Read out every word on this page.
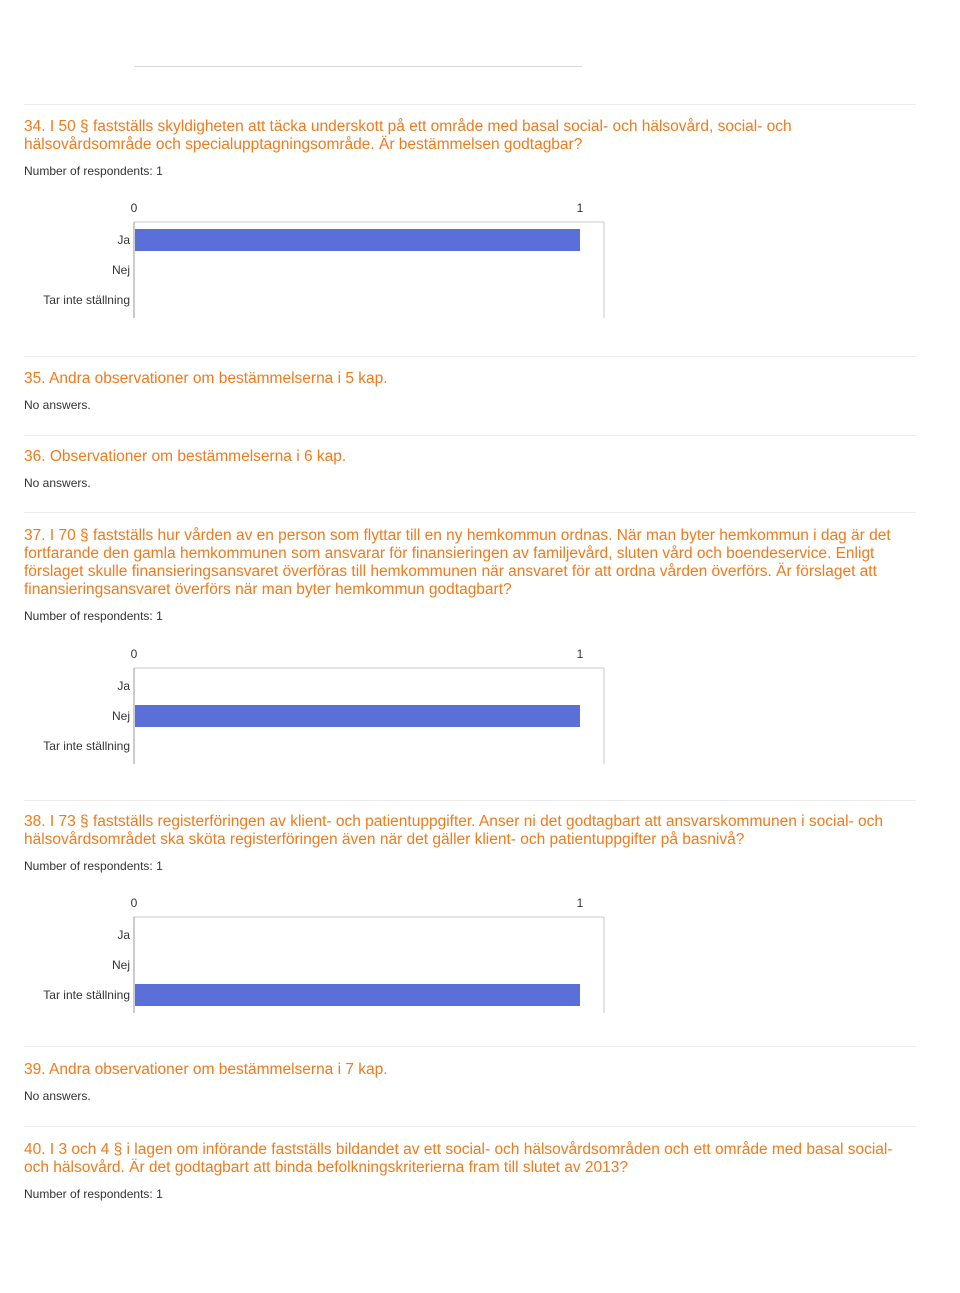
34. I 50 § fastställs skyldigheten att täcka underskott på ett område med basal social- och hälsovård, social- och hälsovårdsområde och specialupptagningsområde. Är bestämmelsen godtagbar?

Number of respondents: 1
0	1
Ja
Nej
Tar inte ställning

35. Andra observationer om bestämmelserna i 5 kap.

No answers.

36. Observationer om bestämmelserna i 6 kap.

No answers.

37. I 70 § fastställs hur vården av en person som flyttar till en ny hemkommun ordnas. När man byter hemkommun i dag är det fortfarande den gamla hemkommunen som ansvarar för finansieringen av familjevård, sluten vård och boendeservice. Enligt förslaget skulle finansieringsansvaret överföras till hemkommunen när ansvaret för att ordna vården överförs. Är förslaget att finansieringsansvaret överförs när man byter hemkommun godtagbart?

Number of respondents: 1
0	1
Ja
Nej
Tar inte ställning

38. I 73 § fastställs registerföringen av klient- och patientuppgifter. Anser ni det godtagbart att ansvarskommunen i social- och hälsovårdsområdet ska sköta registerföringen även när det gäller klient- och patientuppgifter på basnivå?

Number of respondents: 1
0	1
Ja
Nej
Tar inte ställning

39. Andra observationer om bestämmelserna i 7 kap.

No answers.

40. I 3 och 4 § i lagen om införande fastställs bildandet av ett social- och hälsovårdsområden och ett område med basal social- och hälsovård. Är det godtagbart att binda befolkningskriterierna fram till slutet av 2013?

Number of respondents: 1
